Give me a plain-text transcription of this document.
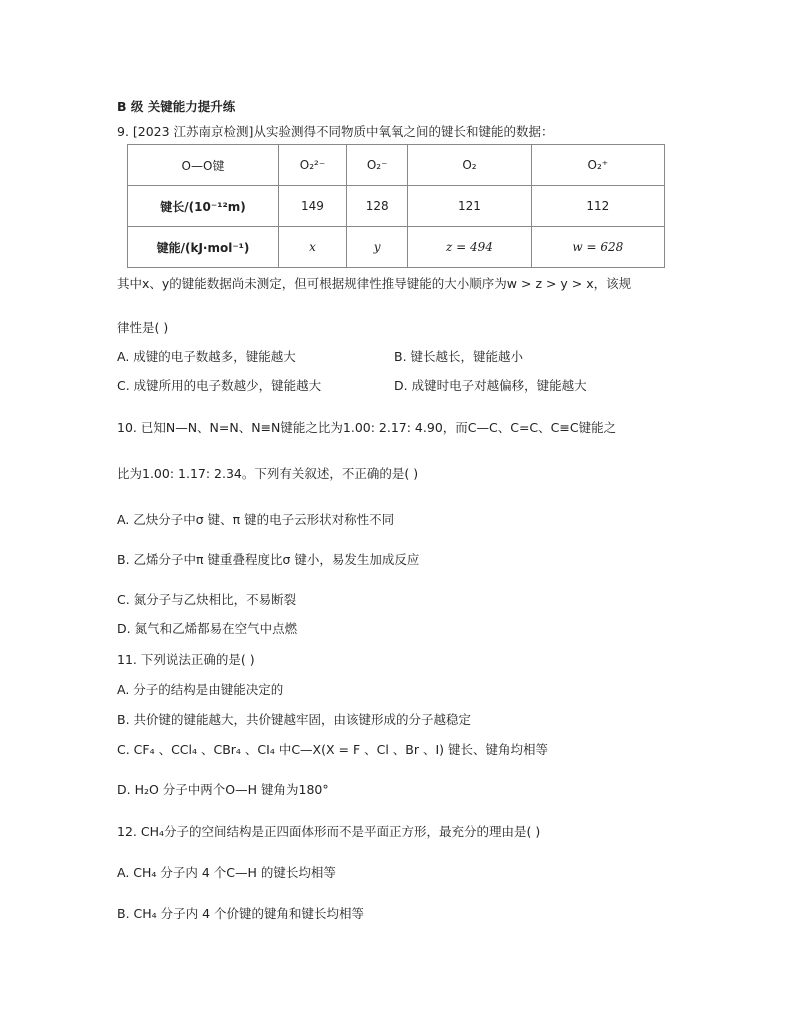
B 级 关键能力提升练
9. [2023 江苏南京检测]从实验测得不同物质中氧氧之间的键长和键能的数据：
O—O键	O₂²⁻	O₂⁻	O₂	O₂⁺
键长/(10⁻¹²m)	149	128	121	112
键能/(kJ·mol⁻¹)	x	y	z = 494	w = 628
其中x、y的键能数据尚未测定，但可根据规律性推导键能的大小顺序为w > z > y > x，该规
律性是( )
A. 成键的电子数越多，键能越大	B. 键长越长，键能越小
C. 成键所用的电子数越少，键能越大	D. 成键时电子对越偏移，键能越大
10. 已知N—N、N=N、N≡N键能之比为1.00: 2.17: 4.90，而C—C、C=C、C≡C键能之
比为1.00: 1.17: 2.34。下列有关叙述，不正确的是( )
A. 乙炔分子中σ 键、π 键的电子云形状对称性不同
B. 乙烯分子中π 键重叠程度比σ 键小，易发生加成反应
C. 氮分子与乙炔相比，不易断裂
D. 氮气和乙烯都易在空气中点燃
11. 下列说法正确的是( )
A. 分子的结构是由键能决定的
B. 共价键的键能越大，共价键越牢固，由该键形成的分子越稳定
C. CF₄ 、CCl₄ 、CBr₄ 、CI₄ 中C—X(X = F 、Cl 、Br 、I) 键长、键角均相等
D. H₂O 分子中两个O—H 键角为180°
12. CH₄分子的空间结构是正四面体形而不是平面正方形，最充分的理由是( )
A. CH₄ 分子内 4 个C—H 的键长均相等
B. CH₄ 分子内 4 个价键的键角和键长均相等
